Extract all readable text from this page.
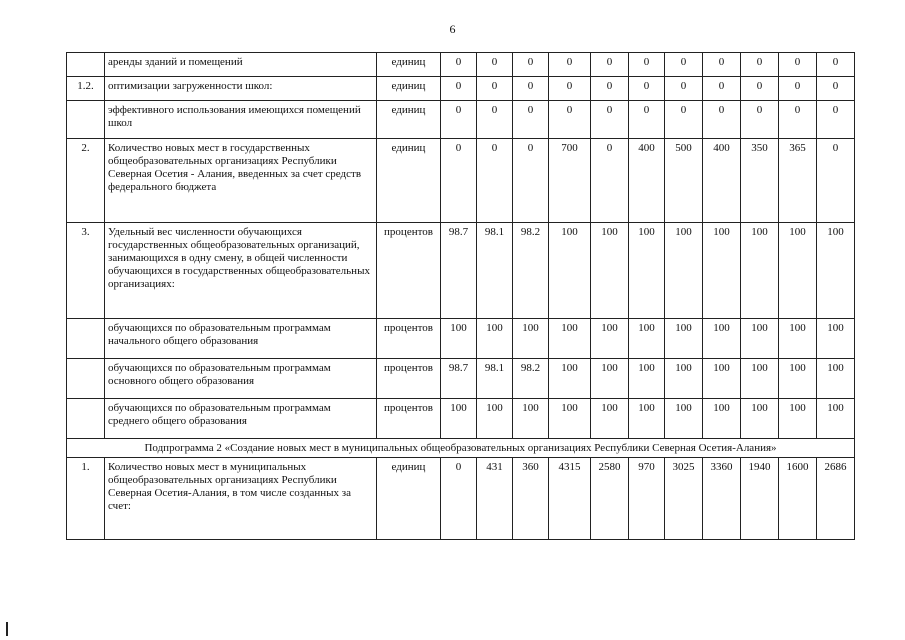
6
	аренды зданий и помещений	единиц	0	0	0	0	0	0	0	0	0	0	0
1.2.	оптимизации загруженности школ:	единиц	0	0	0	0	0	0	0	0	0	0	0
	эффективного использования имеющихся помещений школ	единиц	0	0	0	0	0	0	0	0	0	0	0
2.	Количество новых мест в государственных общеобразовательных организациях Республики Северная Осетия - Алания, введенных за счет средств федерального бюджета	единиц	0	0	0	700	0	400	500	400	350	365	0
3.	Удельный вес численности обучающихся государственных общеобразовательных организаций, занимающихся в одну смену, в общей численности обучающихся в государственных общеобразовательных организациях:	процентов	98.7	98.1	98.2	100	100	100	100	100	100	100	100
	обучающихся по образовательным программам начального общего образования	процентов	100	100	100	100	100	100	100	100	100	100	100
	обучающихся по образовательным программам основного общего образования	процентов	98.7	98.1	98.2	100	100	100	100	100	100	100	100
	обучающихся по образовательным программам среднего общего образования	процентов	100	100	100	100	100	100	100	100	100	100	100
Подпрограмма 2 «Создание новых мест в муниципальных общеобразовательных организациях Республики Северная Осетия-Алания»													
1.	Количество новых мест в муниципальных общеобразовательных организациях Республики Северная Осетия-Алания, в том числе созданных за счет:	единиц	0	431	360	4315	2580	970	3025	3360	1940	1600	2686
